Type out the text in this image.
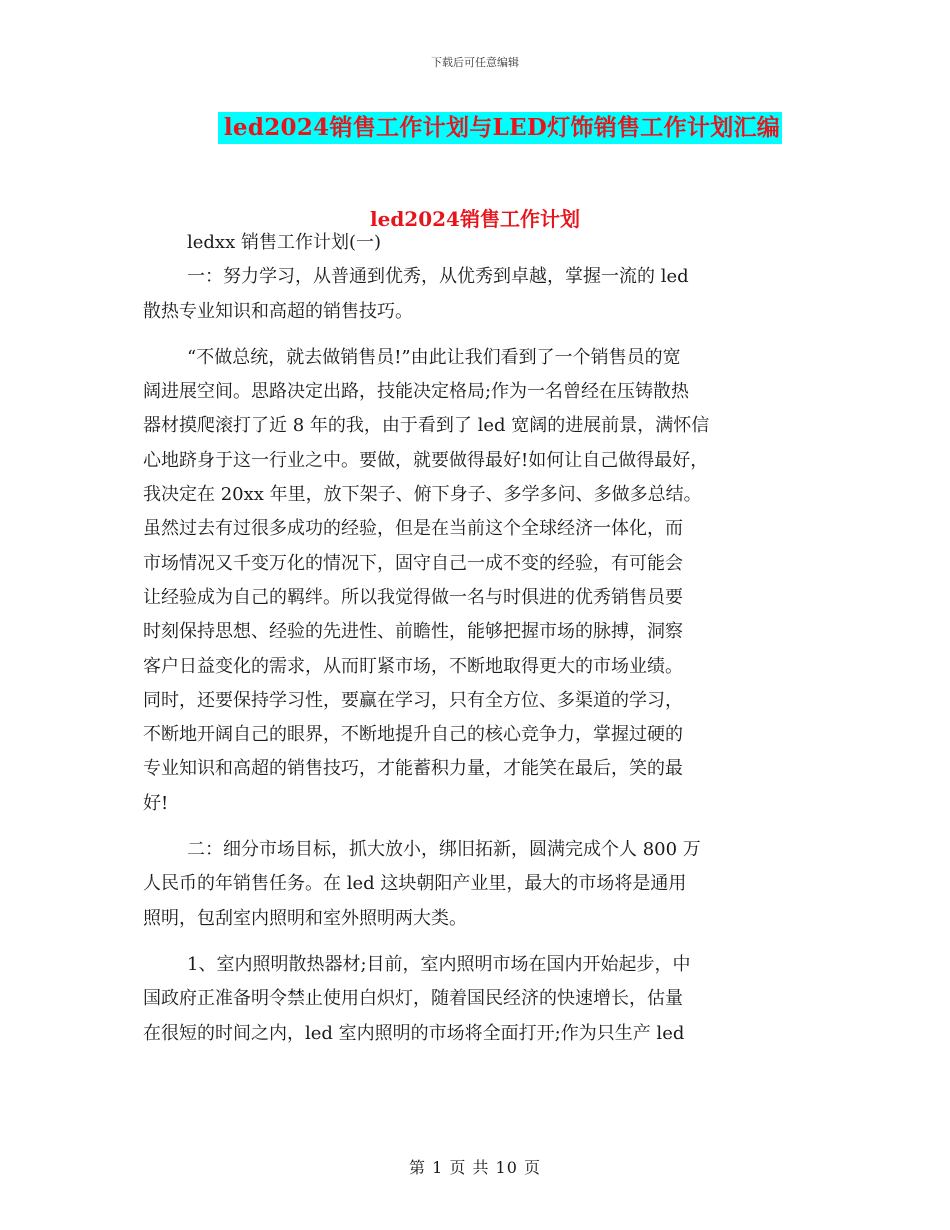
下载后可任意编辑
led2024销售工作计划与LED灯饰销售工作计划汇编
led2024销售工作计划
ledxx 销售工作计划(一)
一：努力学习，从普通到优秀，从优秀到卓越，掌握一流的 led
散热专业知识和高超的销售技巧。
“不做总统，就去做销售员!”由此让我们看到了一个销售员的宽
阔进展空间。思路决定出路，技能决定格局;作为一名曾经在压铸散热
器材摸爬滚打了近 8 年的我，由于看到了 led 宽阔的进展前景，满怀信
心地跻身于这一行业之中。要做，就要做得最好!如何让自己做得最好，
我决定在 20xx 年里，放下架子、俯下身子、多学多问、多做多总结。
虽然过去有过很多成功的经验，但是在当前这个全球经济一体化，而
市场情况又千变万化的情况下，固守自己一成不变的经验，有可能会
让经验成为自己的羁绊。所以我觉得做一名与时俱进的优秀销售员要
时刻保持思想、经验的先进性、前瞻性，能够把握市场的脉搏，洞察
客户日益变化的需求，从而盯紧市场，不断地取得更大的市场业绩。
同时，还要保持学习性，要赢在学习，只有全方位、多渠道的学习，
不断地开阔自己的眼界，不断地提升自己的核心竞争力，掌握过硬的
专业知识和高超的销售技巧，才能蓄积力量，才能笑在最后，笑的最
好!
二：细分市场目标，抓大放小，绑旧拓新，圆满完成个人 800 万
人民币的年销售任务。在 led 这块朝阳产业里，最大的市场将是通用
照明，包刮室内照明和室外照明两大类。
1、室内照明散热器材;目前，室内照明市场在国内开始起步，中
国政府正准备明令禁止使用白炽灯，随着国民经济的快速增长，估量
在很短的时间之内，led 室内照明的市场将全面打开;作为只生产 led
第 1 页 共 10 页
